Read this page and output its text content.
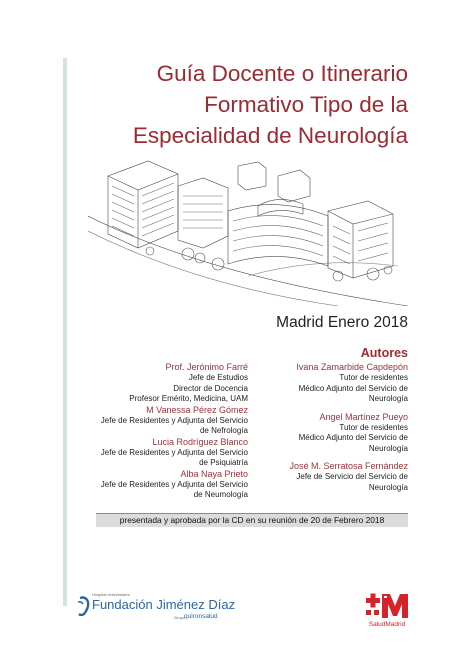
Guía Docente o Itinerario
Formativo Tipo de la
Especialidad de Neurología
Madrid Enero 2018
Autores
Prof. Jerónimo Farré
Jefe de Estudios
Director de Docencia
Profesor Emérito, Medicina, UAM
M Vanessa Pérez Gómez
Jefe de Residentes y Adjunta del Servicio
de Nefrología
Lucia Rodríguez Blanco
Jefe de Residentes y Adjunta del Servicio
de Psiquiatría
Alba Naya Prieto
Jefe de Residentes y Adjunta del Servicio
de Neumología
Ivana Zamarbide Capdepón
Tutor de residentes
Médico Adjunto del Servicio de
Neurología
Angel Martínez Pueyo
Tutor de residentes
Médico Adjunto del Servicio de
Neurología
José M. Serratosa Fernández
Jefe de Servicio del Servicio de
Neurología
presentada y aprobada por la CD en su reunión de 20 de Febrero 2018
Hospital Universitario
Fundación Jiménez Díaz
Grupo
quironsalud
SaludMadrid
